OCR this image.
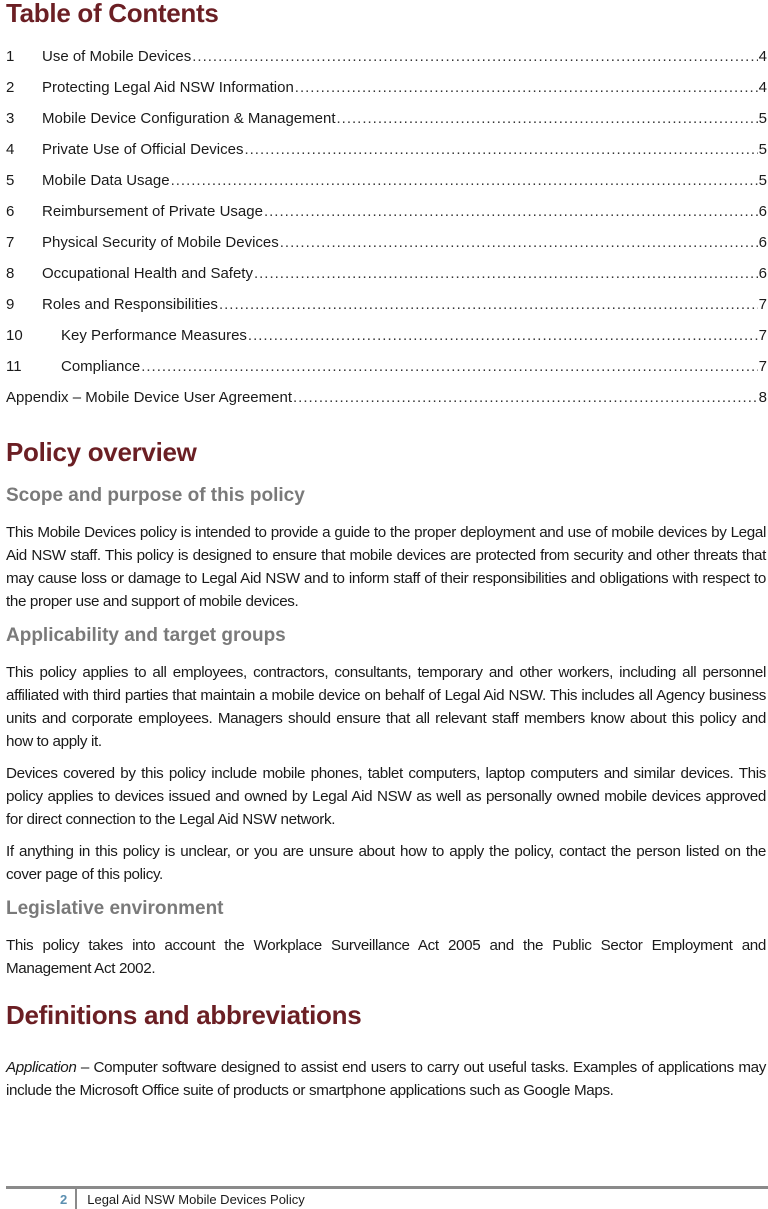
Table of Contents
1	Use of Mobile Devices .....	4
2	Protecting Legal Aid NSW Information .....	4
3	Mobile Device Configuration & Management .....	5
4	Private Use of Official Devices .....	5
5	Mobile Data Usage .....	5
6	Reimbursement of Private Usage .....	6
7	Physical Security of Mobile Devices .....	6
8	Occupational Health and Safety .....	6
9	Roles and Responsibilities .....	7
10	Key Performance Measures .....	7
11	Compliance .....	7
Appendix – Mobile Device User Agreement .....	8
Policy overview
Scope and purpose of this policy

This Mobile Devices policy is intended to provide a guide to the proper deployment and use of mobile devices by Legal Aid NSW staff. This policy is designed to ensure that mobile devices are protected from security and other threats that may cause loss or damage to Legal Aid NSW and to inform staff of their responsibilities and obligations with respect to the proper use and support of mobile devices.

Applicability and target groups

This policy applies to all employees, contractors, consultants, temporary and other workers, including all personnel affiliated with third parties that maintain a mobile device on behalf of Legal Aid NSW. This includes all Agency business units and corporate employees. Managers should ensure that all relevant staff members know about this policy and how to apply it.

Devices covered by this policy include mobile phones, tablet computers, laptop computers and similar devices. This policy applies to devices issued and owned by Legal Aid NSW as well as personally owned mobile devices approved for direct connection to the Legal Aid NSW network.

If anything in this policy is unclear, or you are unsure about how to apply the policy, contact the person listed on the cover page of this policy.

Legislative environment

This policy takes into account the Workplace Surveillance Act 2005 and the Public Sector Employment and Management Act 2002.

Definitions and abbreviations

Application – Computer software designed to assist end users to carry out useful tasks. Examples of applications may include the Microsoft Office suite of products or smartphone applications such as Google Maps.

2	Legal Aid NSW Mobile Devices Policy
